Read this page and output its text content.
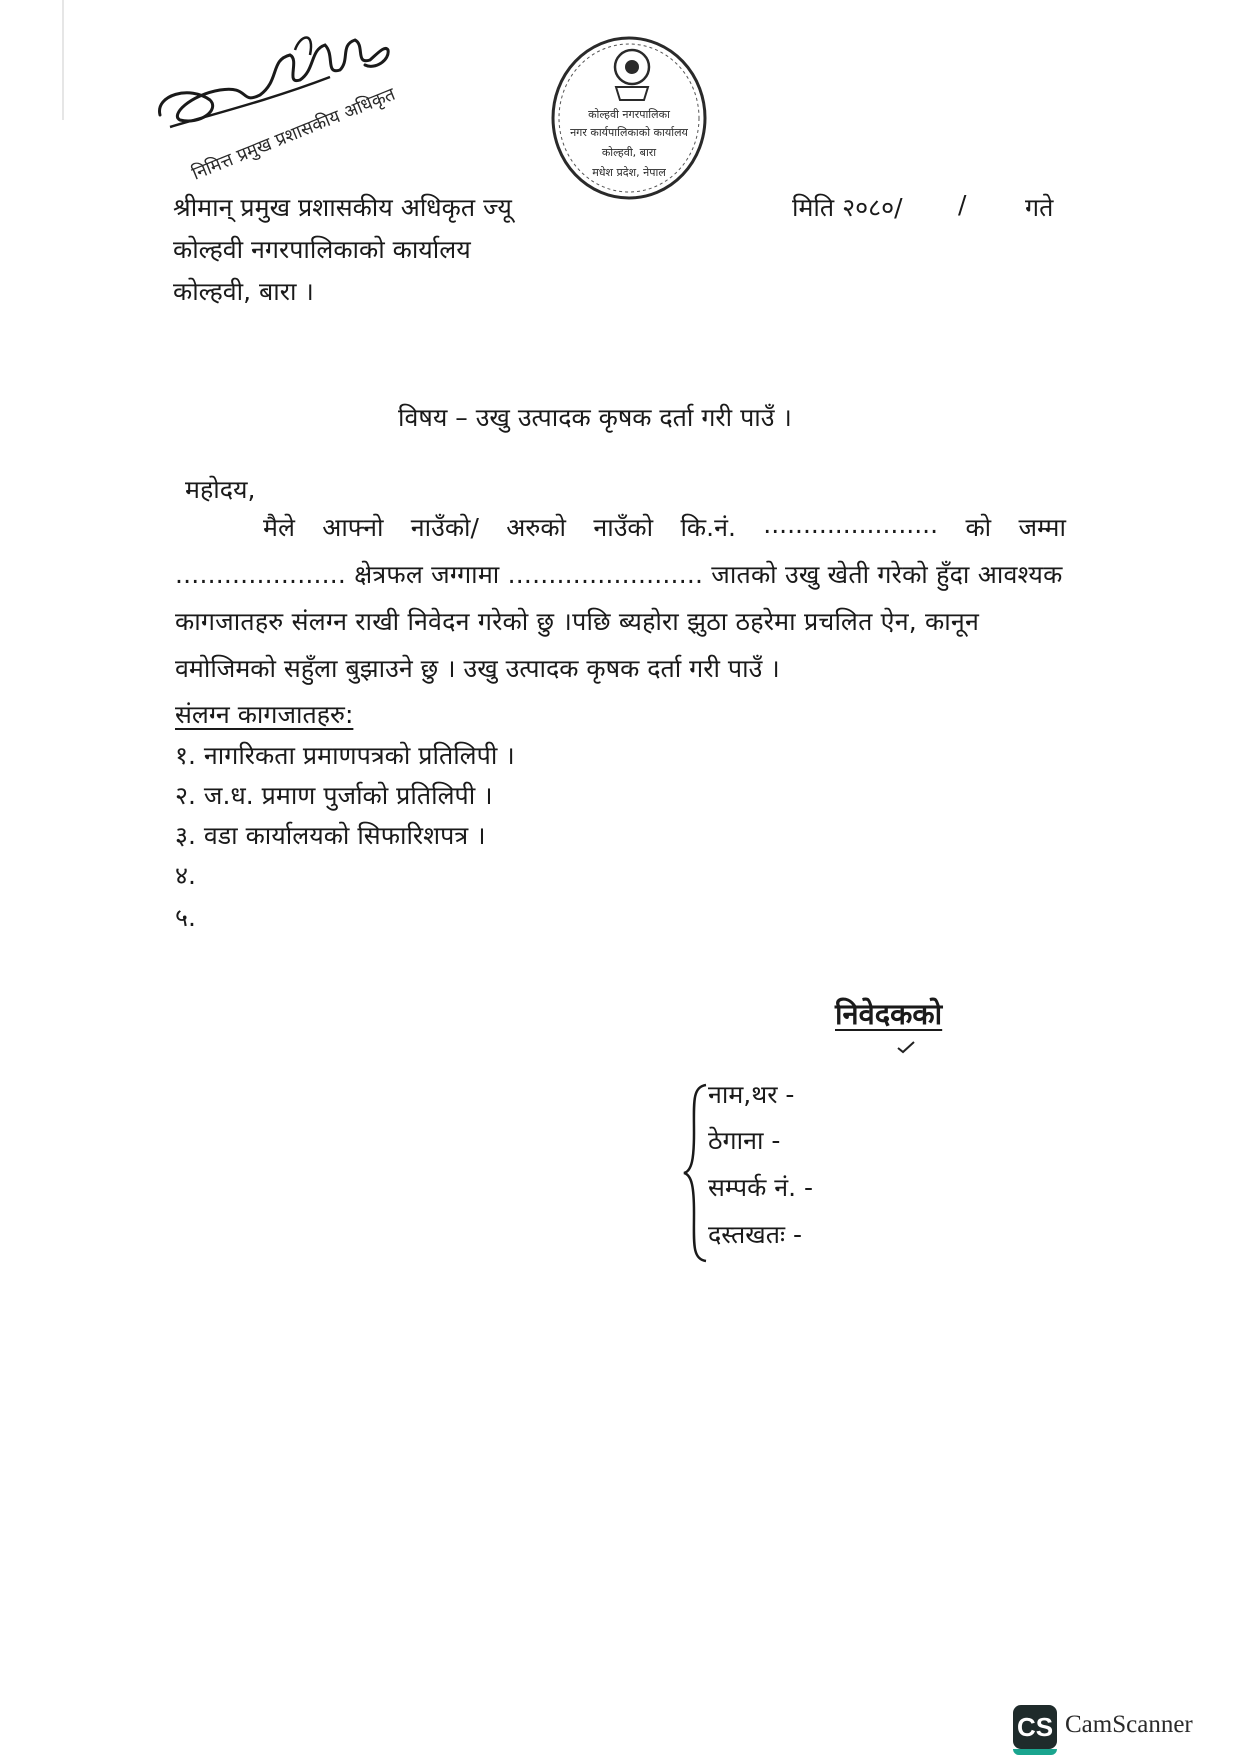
निमित्त प्रमुख प्रशासकीय अधिकृत	कोल्हवी नगरपालिका
नगर कार्यपालिकाको कार्यालय
कोल्हवी, बारा
मधेश प्रदेश, नेपाल
श्रीमान् प्रमुख प्रशासकीय अधिकृत ज्यू
कोल्हवी नगरपालिकाको कार्यालय
कोल्हवी, बारा ।
मिति २०८०/ / गते
विषय – उखु उत्पादक कृषक दर्ता गरी पाउँ ।
महोदय,
मैले आफ्नो नाउँको/ अरुको नाउँको कि.नं. ...................... को जम्मा
..................... क्षेत्रफल जग्गामा ........................ जातको उखु खेती गरेको हुँदा आवश्यक
कागजातहरु संलग्न राखी निवेदन गरेको छु ।पछि ब्यहोरा झुठा ठहरेमा प्रचलित ऐन, कानून
वमोजिमको सहुँला बुझाउने छु । उखु उत्पादक कृषक दर्ता गरी पाउँ ।
संलग्न कागजातहरु:
१. नागरिकता प्रमाणपत्रको प्रतिलिपी ।
२. ज.ध. प्रमाण पुर्जाको प्रतिलिपी ।
३. वडा कार्यालयको सिफारिशपत्र ।
४.
५.
निवेदकको
नाम,थर -
ठेगाना -
सम्पर्क नं. -
दस्तखतः -
CS CamScanner
